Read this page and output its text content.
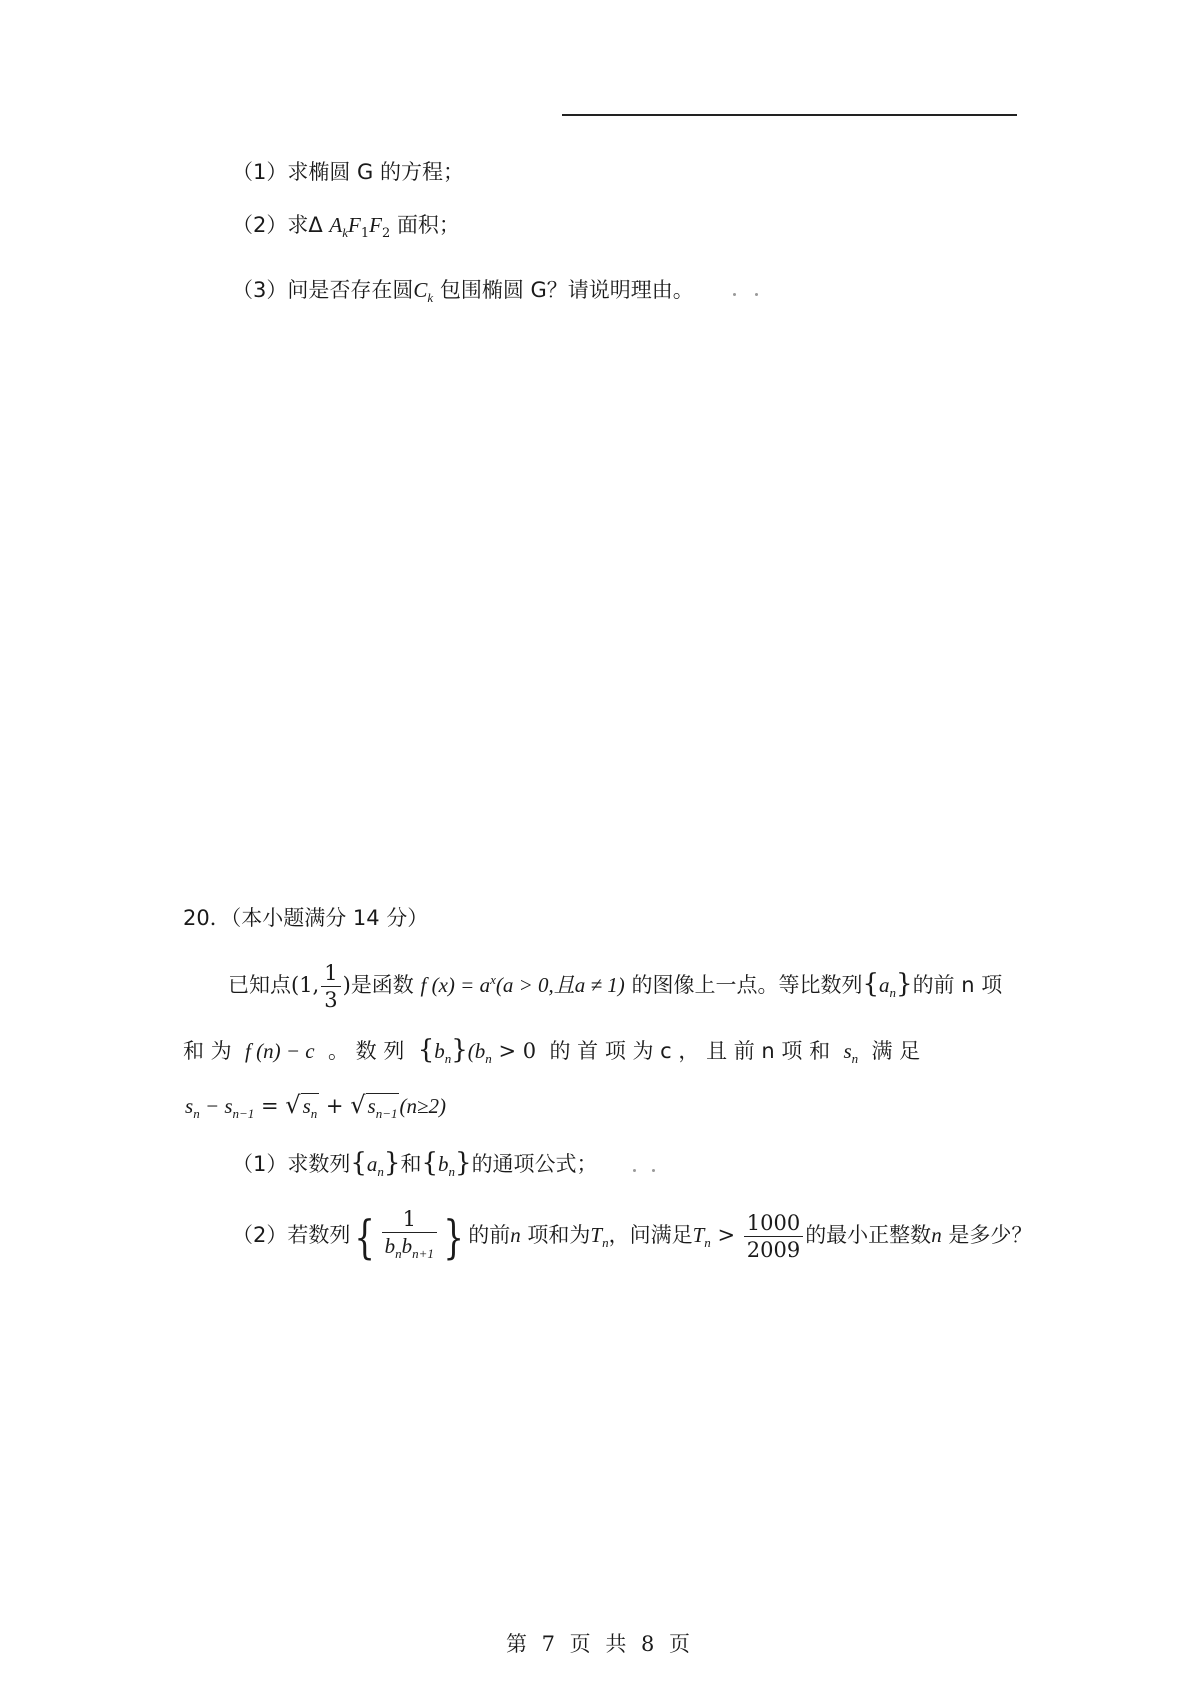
（1）求椭圆 G 的方程；
（2）求Δ $A_kF_1F_2$ 面积；
（3）问是否存在圆$C_k$ 包围椭圆 G？请说明理由。
20．（本小题满分 14 分）
已知点(1, $\frac{1}{3}$ )是函数 f $(x) = a^x(a > 0$,且a ≠ 1) 的图像上一点。等比数列$\{a_n\}$的前 n 项
和 为 f (n) − c 。 数 列 $\{b_n\}(b_n > 0$ 的 首 项 为 c ， 且 前 n 项 和 $s_n$ 满 足
$s_n - s_{n-1} = √s_n + √s_{n-1}(n\ge 2)$
（1）求数列$\{a_n\}$和$\{b_n\}$的通项公式；
（2）若数列{ $\frac{1}{b_nb_{n+1}}$ } 的前n 项和为$T_n$，问满足$T_n > \frac{1000}{2009}$ 的最小正整数n 是多少？
第 7 页 共 8 页
